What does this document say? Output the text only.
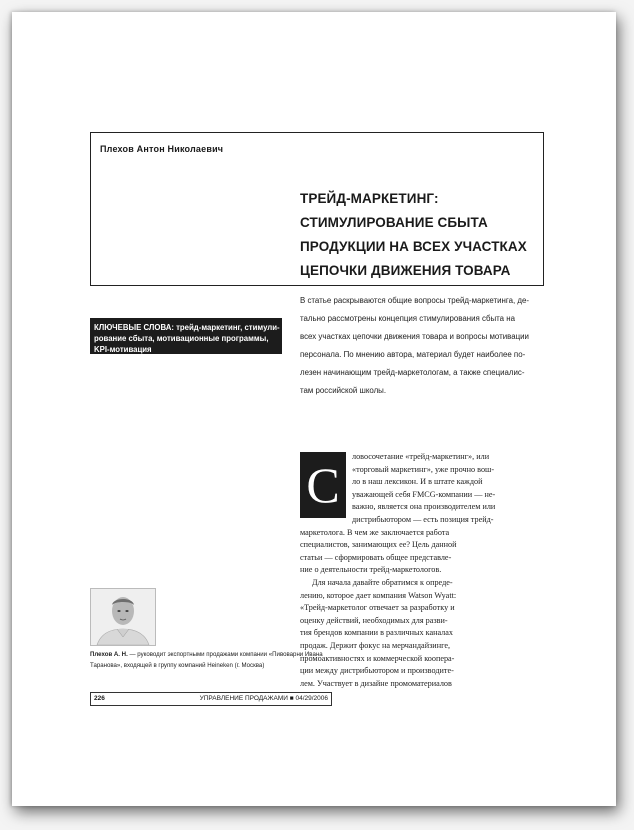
Плехов Антон Николаевич
ТРЕЙД-МАРКЕТИНГ:
СТИМУЛИРОВАНИЕ СБЫТА
ПРОДУКЦИИ НА ВСЕХ УЧАСТКАХ
ЦЕПОЧКИ ДВИЖЕНИЯ ТОВАРА
КЛЮЧЕВЫЕ СЛОВА: трейд-маркетинг, стимули-
рование сбыта, мотивационные программы,
KPI-мотивация
В статье раскрываются общие вопросы трейд-маркетинга, де-
тально рассмотрены концепция стимулирования сбыта на
всех участках цепочки движения товара и вопросы мотивации
персонала. По мнению автора, материал будет наиболее по-
лезен начинающим трейд-маркетологам, а также специалис-
там российской школы.
С
ловосочетание «трейд-маркетинг», или
«торговый маркетинг», уже прочно вош-
ло в наш лексикон. И в штате каждой
уважающей себя FMCG-компании — не-
важно, является она производителем или
дистрибьютором — есть позиция трейд-
маркетолога. В чем же заключается работа
специалистов, занимающих ее? Цель данной
статьи — сформировать общее представле-
ние о деятельности трейд-маркетологов.
Для начала давайте обратимся к опреде-
лению, которое дает компания Watson Wyatt:
«Трейд-маркетолог отвечает за разработку и
оценку действий, необходимых для разви-
тия брендов компании в различных каналах
продаж. Держит фокус на мерчандайзинге,
промоактивностях и коммерческой коопера-
ции между дистрибьютором и производите-
лем. Участвует в дизайне промоматериалов
Плехов А. Н. — руководит экспортными продажами компании «Пивоварни Ивана
Таранова», входящей в группу компаний Heineken (г. Москва)
226	УПРАВЛЕНИЕ ПРОДАЖАМИ ■ 04/29/2006
